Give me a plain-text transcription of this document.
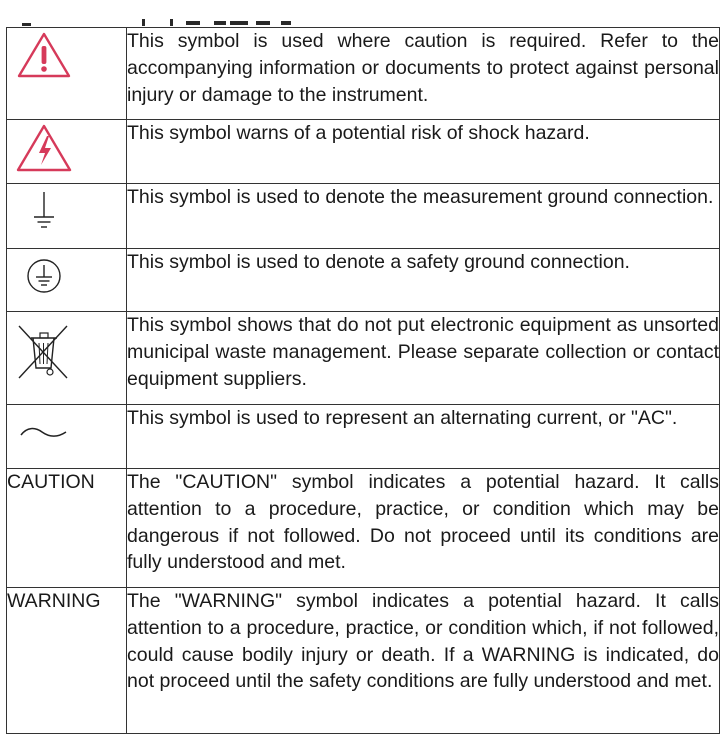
	This symbol is used where caution is required. Refer to the accompanying information or documents to protect against personal injury or damage to the instrument.

	This symbol warns of a potential risk of shock hazard.

	This symbol is used to denote the measurement ground connection.

	This symbol is used to denote a safety ground connection.

	This symbol shows that do not put electronic equipment as unsorted municipal waste management. Please separate collection or contact equipment suppliers.

	This symbol is used to represent an alternating current, or "AC".
CAUTION	The "CAUTION" symbol indicates a potential hazard. It calls attention to a procedure, practice, or condition which may be dangerous if not followed. Do not proceed until its conditions are fully understood and met.
WARNING	The "WARNING" symbol indicates a potential hazard. It calls attention to a procedure, practice, or condition which, if not followed, could cause bodily injury or death. If a WARNING is indicated, do not proceed until the safety conditions are fully understood and met.
